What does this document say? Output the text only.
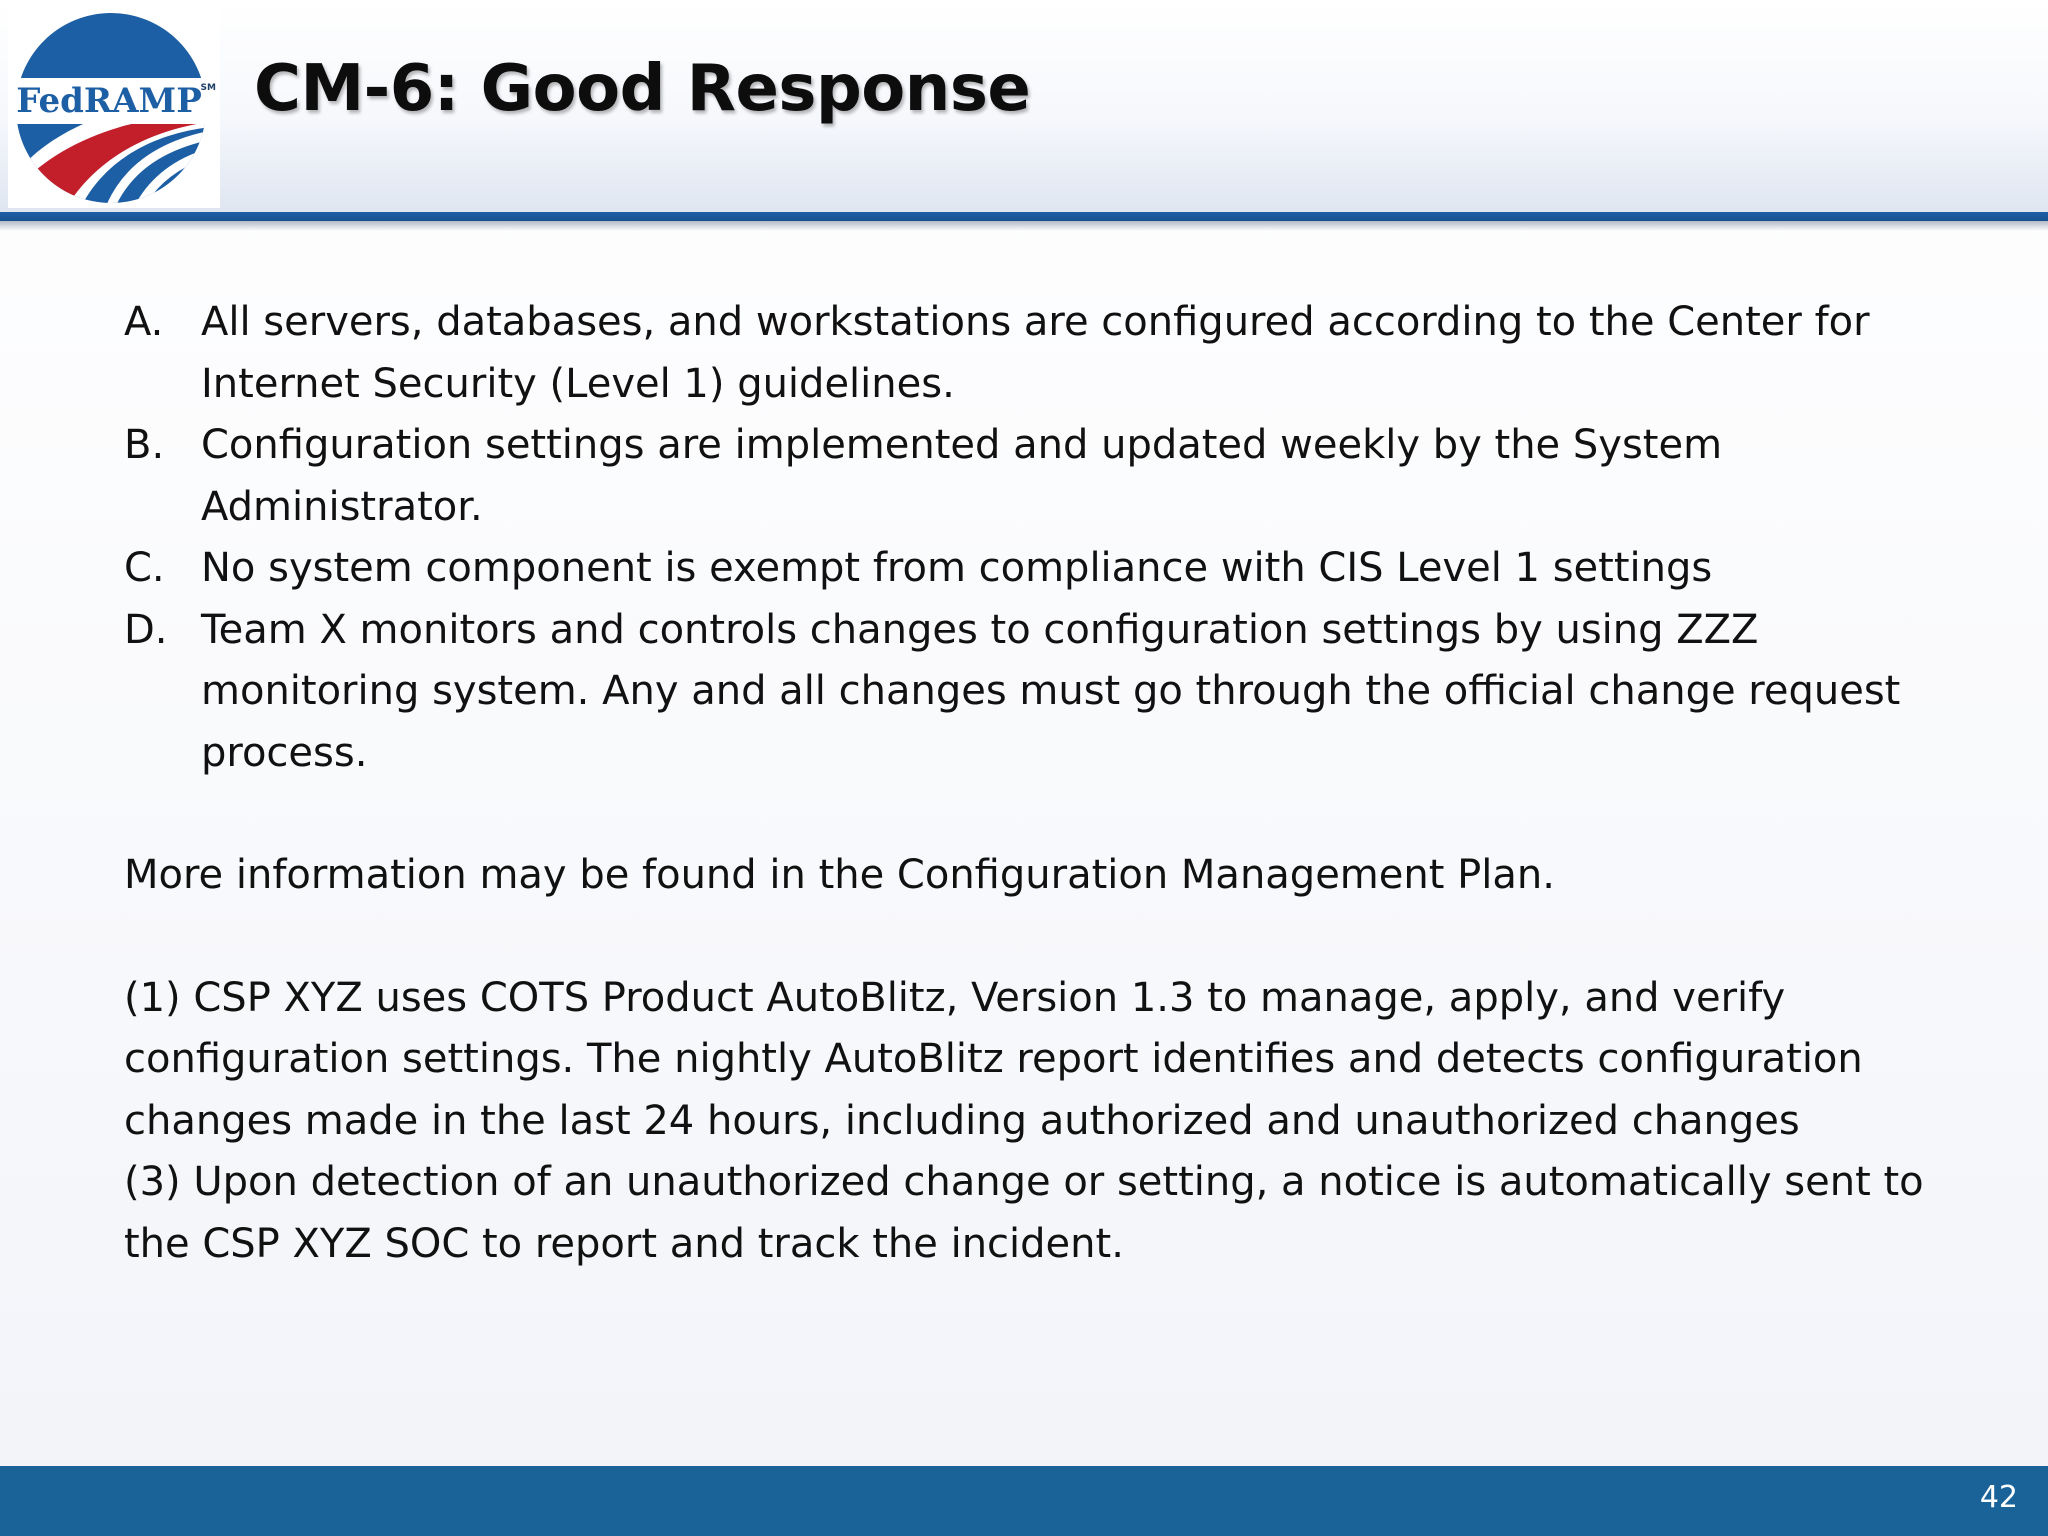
FedRAMP
SM CM-6: Good Response
A. All servers, databases, and workstations are configured according to the Center for Internet Security (Level 1) guidelines.
B. Configuration settings are implemented and updated weekly by the System Administrator.
C. No system component is exempt from compliance with CIS Level 1 settings
D. Team X monitors and controls changes to configuration settings by using ZZZ monitoring system. Any and all changes must go through the official change request process.

More information may be found in the Configuration Management Plan.

(1) CSP XYZ uses COTS Product AutoBlitz, Version 1.3 to manage, apply, and verify configuration settings. The nightly AutoBlitz report identifies and detects configuration changes made in the last 24 hours, including authorized and unauthorized changes

(3) Upon detection of an unauthorized change or setting, a notice is automatically sent to the CSP XYZ SOC to report and track the incident.

42
